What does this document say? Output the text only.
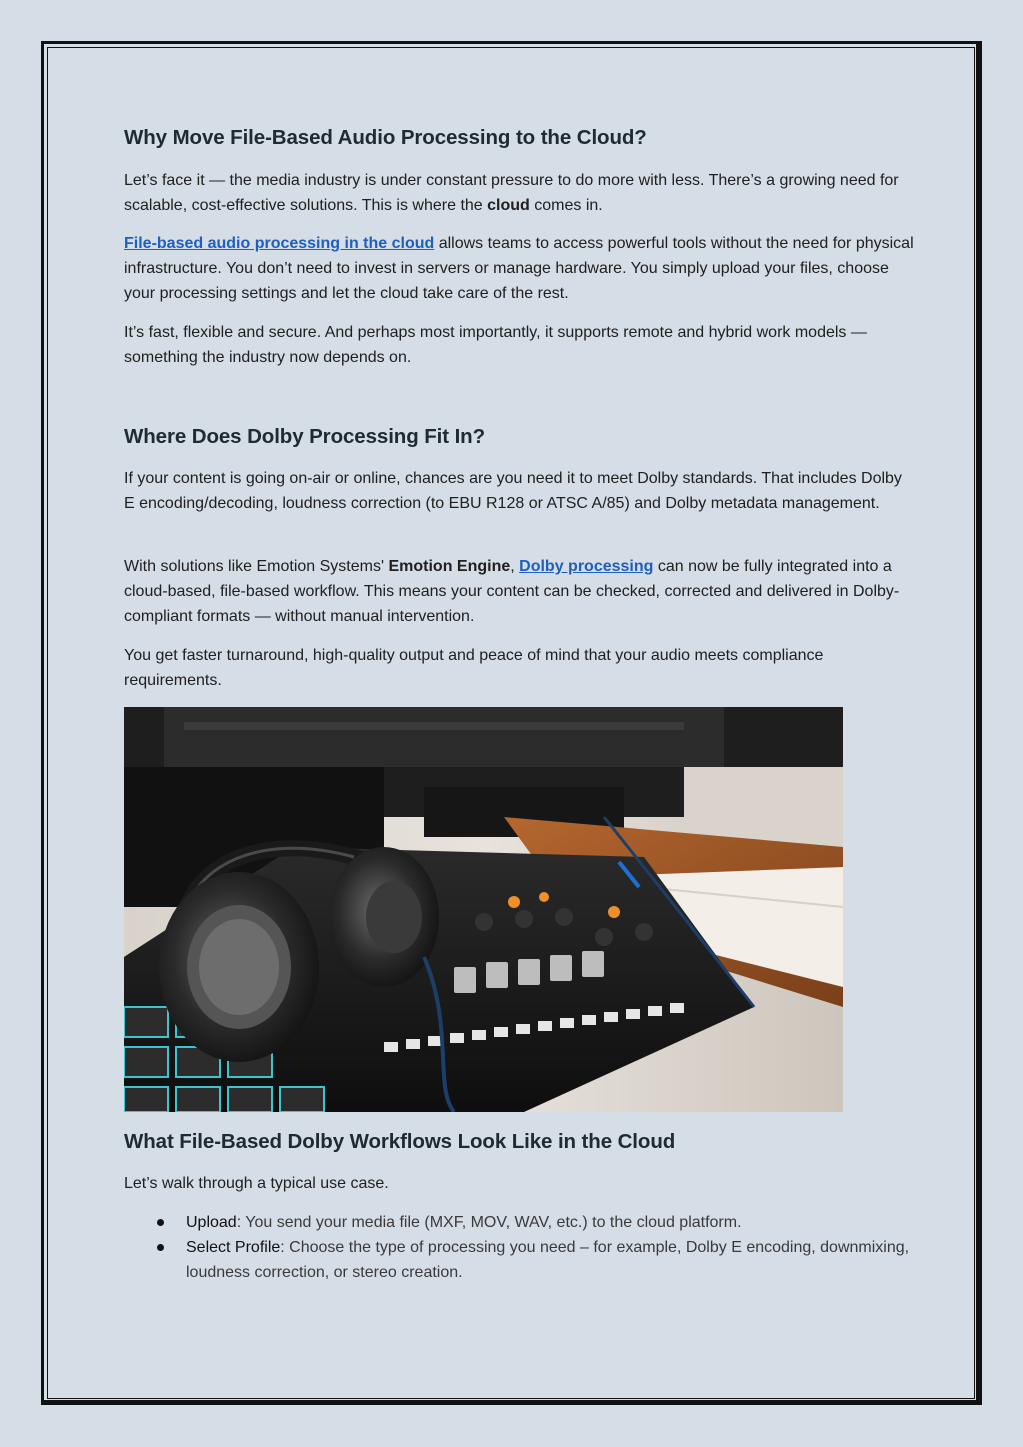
Why Move File-Based Audio Processing to the Cloud?

Let’s face it — the media industry is under constant pressure to do more with less. There’s a growing need for scalable, cost-effective solutions. This is where the cloud comes in.

File-based audio processing in the cloud allows teams to access powerful tools without the need for physical infrastructure. You don’t need to invest in servers or manage hardware. You simply upload your files, choose your processing settings and let the cloud take care of the rest.

It’s fast, flexible and secure. And perhaps most importantly, it supports remote and hybrid work models — something the industry now depends on.

Where Does Dolby Processing Fit In?

If your content is going on-air or online, chances are you need it to meet Dolby standards. That includes Dolby E encoding/decoding, loudness correction (to EBU R128 or ATSC A/85) and Dolby metadata management.

With solutions like Emotion Systems' Emotion Engine, Dolby processing can now be fully integrated into a cloud-based, file-based workflow. This means your content can be checked, corrected and delivered in Dolby-compliant formats — without manual intervention.

You get faster turnaround, high-quality output and peace of mind that your audio meets compliance requirements.

What File-Based Dolby Workflows Look Like in the Cloud

Let’s walk through a typical use case.

Upload: You send your media file (MXF, MOV, WAV, etc.) to the cloud platform.
Select Profile: Choose the type of processing you need – for example, Dolby E encoding, downmixing, loudness correction, or stereo creation.
